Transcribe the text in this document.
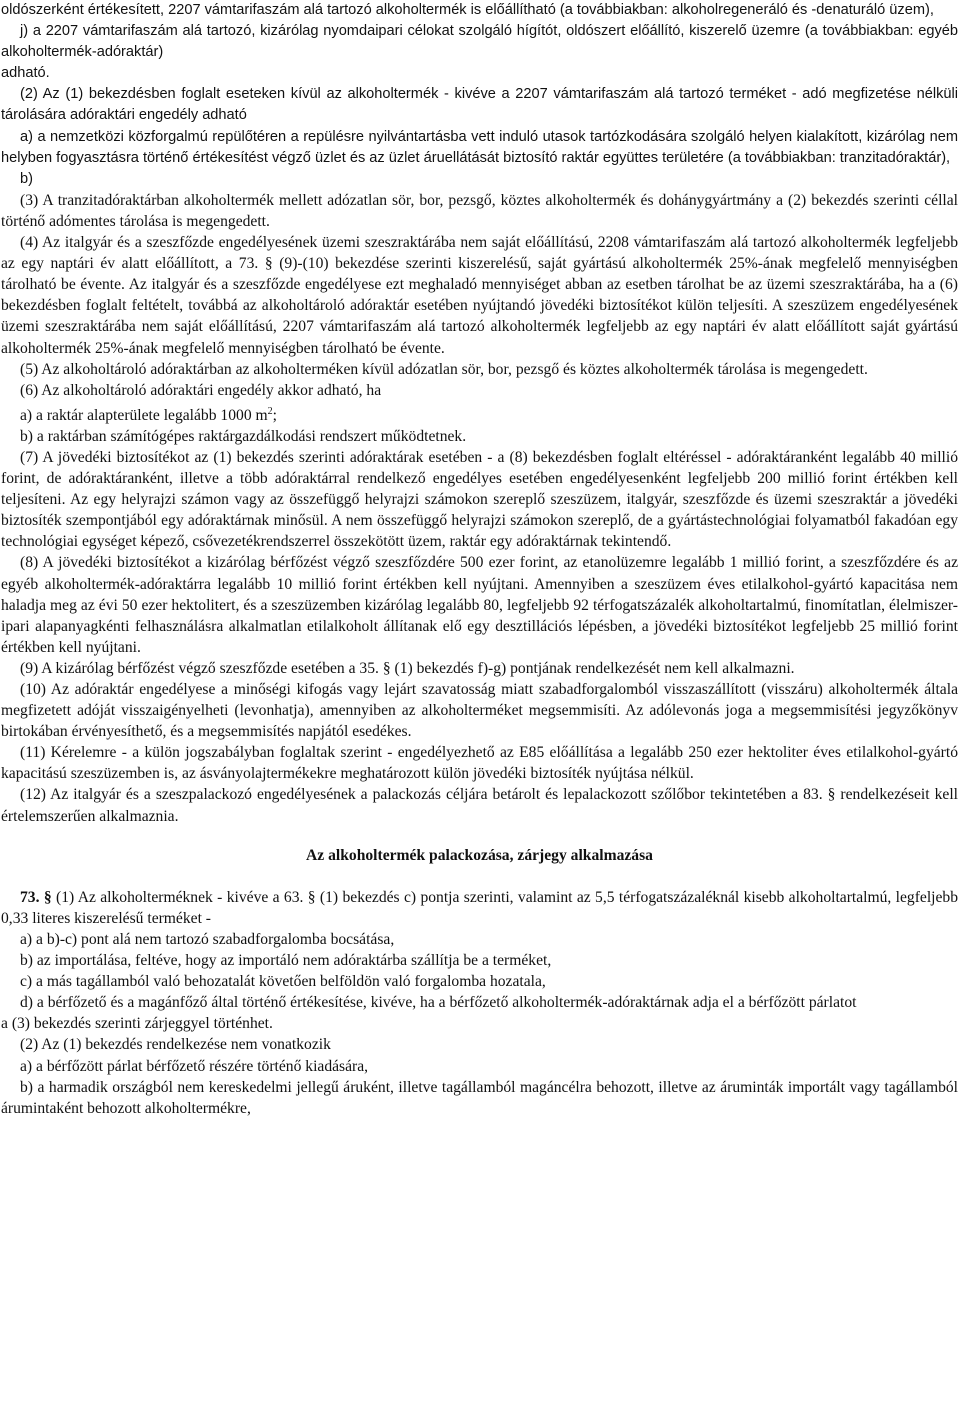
oldószerként értékesített, 2207 vámtarifaszám alá tartozó alkoholtermék is előállítható (a továbbiakban: alkoholregeneráló és -denaturáló üzem),

j) a 2207 vámtarifaszám alá tartozó, kizárólag nyomdaipari célokat szolgáló hígítót, oldószert előállító, kiszerelő üzemre (a továbbiakban: egyéb alkoholtermék-adóraktár)

adható.

(2) Az (1) bekezdésben foglalt eseteken kívül az alkoholtermék - kivéve a 2207 vámtarifaszám alá tartozó terméket - adó megfizetése nélküli tárolására adóraktári engedély adható

a) a nemzetközi közforgalmú repülőtéren a repülésre nyilvántartásba vett induló utasok tartózkodására szolgáló helyen kialakított, kizárólag nem helyben fogyasztásra történő értékesítést végző üzlet és az üzlet áruellátását biztosító raktár együttes területére (a továbbiakban: tranzitadóraktár),

b)

(3) A tranzitadóraktárban alkoholtermék mellett adózatlan sör, bor, pezsgő, köztes alkoholtermék és dohánygyártmány a (2) bekezdés szerinti céllal történő adómentes tárolása is megengedett.

(4) Az italgyár és a szeszfőzde engedélyesének üzemi szeszraktárába nem saját előállítású, 2208 vámtarifaszám alá tartozó alkoholtermék legfeljebb az egy naptári év alatt előállított, a 73. § (9)-(10) bekezdése szerinti kiszerelésű, saját gyártású alkoholtermék 25%-ának megfelelő mennyiségben tárolható be évente. Az italgyár és a szeszfőzde engedélyese ezt meghaladó mennyiséget abban az esetben tárolhat be az üzemi szeszraktárába, ha a (6) bekezdésben foglalt feltételt, továbbá az alkoholtároló adóraktár esetében nyújtandó jövedéki biztosítékot külön teljesíti. A szeszüzem engedélyesének üzemi szeszraktárába nem saját előállítású, 2207 vámtarifaszám alá tartozó alkoholtermék legfeljebb az egy naptári év alatt előállított saját gyártású alkoholtermék 25%-ának megfelelő mennyiségben tárolható be évente.

(5) Az alkoholtároló adóraktárban az alkoholterméken kívül adózatlan sör, bor, pezsgő és köztes alkoholtermék tárolása is megengedett.

(6) Az alkoholtároló adóraktári engedély akkor adható, ha

a) a raktár alapterülete legalább 1000 $m^2$;

b) a raktárban számítógépes raktárgazdálkodási rendszert működtetnek.

(7) A jövedéki biztosítékot az (1) bekezdés szerinti adóraktárak esetében - a (8) bekezdésben foglalt eltéréssel - adóraktáranként legalább 40 millió forint, de adóraktáranként, illetve a több adóraktárral rendelkező engedélyes esetében engedélyesenként legfeljebb 200 millió forint értékben kell teljesíteni. Az egy helyrajzi számon vagy az összefüggő helyrajzi számokon szereplő szeszüzem, italgyár, szeszfőzde és üzemi szeszraktár a jövedéki biztosíték szempontjából egy adóraktárnak minősül. A nem összefüggő helyrajzi számokon szereplő, de a gyártástechnológiai folyamatból fakadóan egy technológiai egységet képező, csővezetékrendszerrel összekötött üzem, raktár egy adóraktárnak tekintendő.

(8) A jövedéki biztosítékot a kizárólag bérfőzést végző szeszfőzdére 500 ezer forint, az etanolüzemre legalább 1 millió forint, a szeszfőzdére és az egyéb alkoholtermék-adóraktárra legalább 10 millió forint értékben kell nyújtani. Amennyiben a szeszüzem éves etilalkohol-gyártó kapacitása nem haladja meg az évi 50 ezer hektolitert, és a szeszüzemben kizárólag legalább 80, legfeljebb 92 térfogatszázalék alkoholtartalmú, finomítatlan, élelmiszer-ipari alapanyagkénti felhasználásra alkalmatlan etilalkoholt állítanak elő egy desztillációs lépésben, a jövedéki biztosítékot legfeljebb 25 millió forint értékben kell nyújtani.

(9) A kizárólag bérfőzést végző szeszfőzde esetében a 35. § (1) bekezdés f)-g) pontjának rendelkezését nem kell alkalmazni.

(10) Az adóraktár engedélyese a minőségi kifogás vagy lejárt szavatosság miatt szabadforgalomból visszaszállított (visszáru) alkoholtermék általa megfizetett adóját visszaigényelheti (levonhatja), amennyiben az alkoholterméket megsemmisíti. Az adólevonás joga a megsemmisítési jegyzőkönyv birtokában érvényesíthető, és a megsemmisítés napjától esedékes.

(11) Kérelemre - a külön jogszabályban foglaltak szerint - engedélyezhető az E85 előállítása a legalább 250 ezer hektoliter éves etilalkohol-gyártó kapacitású szeszüzemben is, az ásványolajtermékekre meghatározott külön jövedéki biztosíték nyújtása nélkül.

(12) Az italgyár és a szeszpalackozó engedélyesének a palackozás céljára betárolt és lepalackozott szőlőbor tekintetében a 83. § rendelkezéseit kell értelemszerűen alkalmaznia.

Az alkoholtermék palackozása, zárjegy alkalmazása

73. § (1) Az alkoholterméknek - kivéve a 63. § (1) bekezdés c) pontja szerinti, valamint az 5,5 térfogatszázaléknál kisebb alkoholtartalmú, legfeljebb 0,33 literes kiszerelésű terméket -

a) a b)-c) pont alá nem tartozó szabadforgalomba bocsátása,

b) az importálása, feltéve, hogy az importáló nem adóraktárba szállítja be a terméket,

c) a más tagállamból való behozatalát követően belföldön való forgalomba hozatala,

d) a bérfőzető és a magánfőző által történő értékesítése, kivéve, ha a bérfőzető alkoholtermék-adóraktárnak adja el a bérfőzött párlatot

a (3) bekezdés szerinti zárjeggyel történhet.

(2) Az (1) bekezdés rendelkezése nem vonatkozik

a) a bérfőzött párlat bérfőzető részére történő kiadására,

b) a harmadik országból nem kereskedelmi jellegű áruként, illetve tagállamból magáncélra behozott, illetve az áruminták importált vagy tagállamból árumintaként behozott alkoholtermékre,
